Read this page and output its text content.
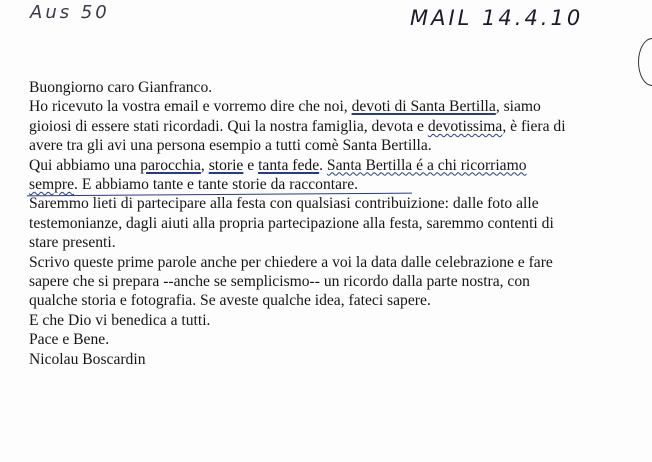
Aus 50	MAIL 14.4.10
Buongiorno caro Gianfranco.
Ho ricevuto la vostra email e vorremo dire che noi, devoti di Santa Bertilla, siamo
gioiosi di essere stati ricordadi. Qui la nostra famiglia, devota e devotissima, è fiera di
avere tra gli avi una persona esempio a tutti comè Santa Bertilla.
Qui abbiamo una parocchia, storie e tanta fede. Santa Bertilla é a chi ricorriamo
sempre. E abbiamo tante e tante storie da raccontare.
Saremmo lieti di partecipare alla festa con qualsiasi contribuizione: dalle foto alle
testemonianze, dagli aiuti alla propria partecipazione alla festa, saremmo contenti di
stare presenti.
Scrivo queste prime parole anche per chiedere a voi la data dalle celebrazione e fare
sapere che si prepara --anche se semplicismo-- un ricordo dalla parte nostra, con
qualche storia e fotografia. Se aveste qualche idea, fateci sapere.
E che Dio vi benedica a tutti.
Pace e Bene.
Nicolau Boscardin
